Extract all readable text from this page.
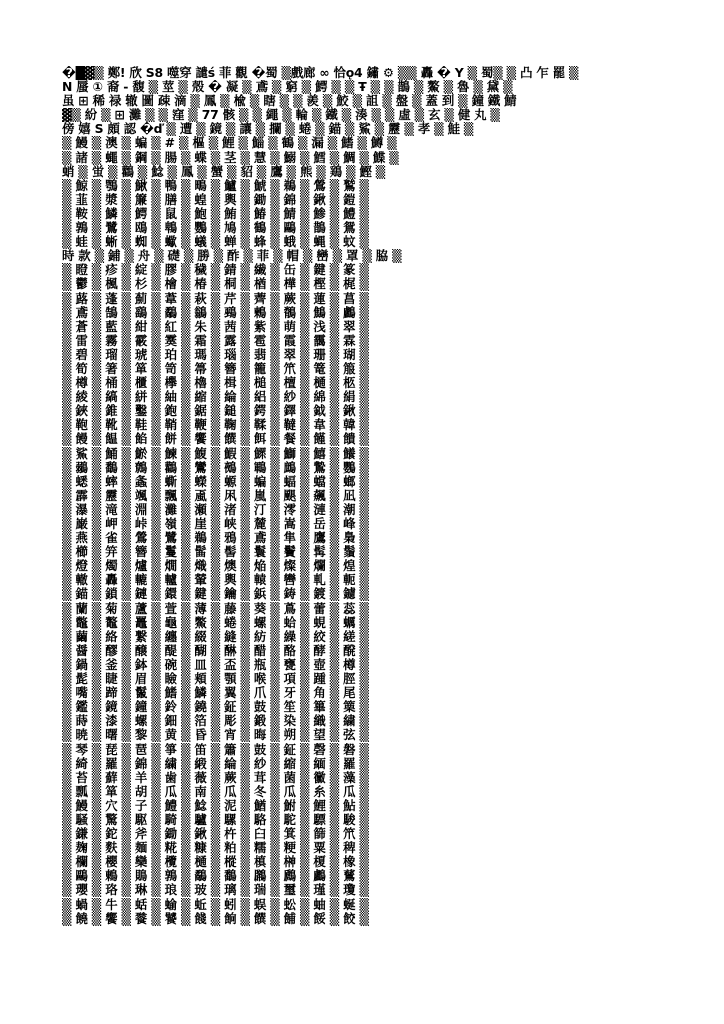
�█▓▒ 鄭! 欣 S8 噬穿 譴ś 菲 觀 �蜀 ▒戲廊 ∞ 恰ǫ4 鏽 ⚙ ▒▒ 轟 � Y ▒ 蜀▒ ▒ 凸 乍 罷 ▒
N 蜃 ① 裔 - 馥 ▒ 莖 ▒ 殼 � 凝 ▒ 鳶 ▒ 窮 ▒ 鰐 ▒ ▒ Ŧ ▒ ▒ 鵲 ▒ 鰲 ▒ 魯 ▒ 黛 ▒
虽 ⊞ 稀 禄 辙 圖 疎 滴 ▒ 鳳 ▒ 楡 ▒ 瞎 ▒ ▒ 羨 ▒ 鮫 ▒ 詛 ▒ 盤 ▒ 蓋 到 ▒ 鐘 鐵 鯖
▓▒ 紛 ▒ ⊞ 灘 ▒ ▒ 窪 ▒ 77 骸 ▒ ▒ 繩 ▒ 輪 ▒ 鐵 ▒ 湊 ▒ ▒ 虛 ▒ 玄 ▒ 健 丸 ▒
傍 嬉 S 頗 認 �ď ▒ 遭 ▒ 鏡 ▒ 讓 ▒ 攔 ▒ 蜷 ▒ 錨 ▒ 鯊 ▒ 靂 ▒ 孝 ▒ 鮭 ▒
▒ 鰻 ▒ 澳 ▒ 蝙 ▒ # ▒ 樞 ▒ 鯉 ▒ 鯔 ▒ 鶴 ▒ 漏 ▒ 鰭 ▒ 鱒 ▒
▒ 諸 ▒ 蠅 ▒ 鋼 ▒ 腸 ▒ 蝶 ▒ 茎 ▒ 慧 ▒ 鰯 ▒ 鱈 ▒ 鯛 ▒ 鰈 ▒
蛸 ▒ 蛍 ▒ 鸛 ▒ 鯰 ▒ 鳳 ▒ 蟹 ▒ 貂 ▒ 鷹 ▒ 熊 ▒ 鶏 ▒ 鰹 ▒
▒ 鯨 ▒ 鶚 ▒ 鰍 ▒ 鴨 ▒ 鴫 ▒ 鱸 ▒ 鯱 ▒ 鵜 ▒ 鶯 ▒ 鷲 ▒
▒ 韮 ▒ 漿 ▒ 簾 ▒ 膳 ▒ 蝗 ▒ 輿 ▒ 鋤 ▒ 錦 ▒ 鍬 ▒ 鎧 ▒
▒ 鞍 ▒ 鱗 ▒ 鰐 ▒ 鼠 ▒ 鮑 ▒ 鮪 ▒ 鰆 ▒ 鯖 ▒ 鯵 ▒ 鱧 ▒
▒ 鶉 ▒ 鷺 ▒ 鴎 ▒ 鵯 ▒ 鸚 ▒ 鳩 ▒ 鶴 ▒ 鷗 ▒ 鵲 ▒ 鴛 ▒
▒ 蛙 ▒ 蜥 ▒ 蜘 ▒ 蠍 ▒ 蟻 ▒ 蝉 ▒ 蜂 ▒ 蛾 ▒ 蝿 ▒ 蚊 ▒
時 款 ▒ 鋪 ▒ 舟 ▒ 礎 ▒ 勝 ▒ 酢 ▒ 菲 ▒ 帽 ▒ 巒 ▒ 罩 ▒ 脇 ▒
▒ 瞪 ▒ 疹 ▒ 綻 ▒ 膠 ▒ 穢 ▒ 錆 ▒ 繊 ▒ 缶 ▒ 鍵 ▒ 篆 ▒
▒ 鬱 ▒ 楓 ▒ 杉 ▒ 檜 ▒ 椿 ▒ 桐 ▒ 楢 ▒ 樺 ▒ 樫 ▒ 梶 ▒
▒ 蕗 ▒ 蓬 ▒ 薊 ▒ 葦 ▒ 萩 ▒ 芹 ▒ 薺 ▒ 蕨 ▒ 蓮 ▒ 菖 ▒
▒ 鳶 ▒ 鵠 ▒ 鷂 ▒ 鷸 ▒ 鶲 ▒ 鵐 ▒ 鶫 ▒ 鶺 ▒ 鷦 ▒ 鸕 ▒
▒ 蒼 ▒ 藍 ▒ 紺 ▒ 紅 ▒ 朱 ▒ 茜 ▒ 紫 ▒ 萌 ▒ 浅 ▒ 翠 ▒
▒ 雷 ▒ 霧 ▒ 霰 ▒ 霙 ▒ 霜 ▒ 露 ▒ 雹 ▒ 霞 ▒ 靄 ▒ 霖 ▒
▒ 碧 ▒ 瑠 ▒ 琥 ▒ 珀 ▒ 瑪 ▒ 瑙 ▒ 翡 ▒ 翠 ▒ 珊 ▒ 瑚 ▒
▒ 筍 ▒ 箸 ▒ 箪 ▒ 笥 ▒ 箒 ▒ 簪 ▒ 籠 ▒ 笊 ▒ 篭 ▒ 箙 ▒
▒ 樽 ▒ 桶 ▒ 櫃 ▒ 欅 ▒ 櫓 ▒ 楫 ▒ 槌 ▒ 檀 ▒ 樋 ▒ 柩 ▒
▒ 綾 ▒ 縞 ▒ 絣 ▒ 紬 ▒ 縮 ▒ 綸 ▒ 絽 ▒ 紗 ▒ 綿 ▒ 絹 ▒
▒ 鋏 ▒ 錐 ▒ 鑿 ▒ 鉋 ▒ 鋸 ▒ 鎚 ▒ 鍔 ▒ 鐸 ▒ 鉞 ▒ 鍬 ▒
▒ 鞄 ▒ 靴 ▒ 鞋 ▒ 鞘 ▒ 鞭 ▒ 鞠 ▒ 鞣 ▒ 韃 ▒ 韋 ▒ 韓 ▒
▒ 饅 ▒ 饂 ▒ 餡 ▒ 餅 ▒ 饗 ▒ 饌 ▒ 餌 ▒ 餐 ▒ 饉 ▒ 饋 ▒
▒ 鯊 ▒ 鯒 ▒ 鯲 ▒ 鰊 ▒ 鰒 ▒ 鰕 ▒ 鰥 ▒ 鰤 ▒ 鱚 ▒ 鱶 ▒
▒ 鶸 ▒ 鷭 ▒ 鷯 ▒ 鸛 ▒ 鸞 ▒ 鵺 ▒ 鶤 ▒ 鷓 ▒ 鷙 ▒ 鸚 ▒
▒ 蟋 ▒ 蟀 ▒ 螽 ▒ 蟖 ▒ 蠑 ▒ 螈 ▒ 蝙 ▒ 蝠 ▒ 蟷 ▒ 螂 ▒
▒ 霹 ▒ 靂 ▒ 颯 ▒ 飄 ▒ 颪 ▒ 凩 ▒ 嵐 ▒ 颶 ▒ 飆 ▒ 凪 ▒
▒ 瀑 ▒ 滝 ▒ 淵 ▒ 灘 ▒ 瀬 ▒ 渚 ▒ 汀 ▒ 澪 ▒ 漣 ▒ 潮 ▒
▒ 巌 ▒ 岬 ▒ 峠 ▒ 嶺 ▒ 崖 ▒ 峡 ▒ 麓 ▒ 嵩 ▒ 岳 ▒ 峰 ▒
▒ 燕 ▒ 雀 ▒ 鶯 ▒ 鷺 ▒ 鵜 ▒ 鴉 ▒ 鳶 ▒ 隼 ▒ 鷹 ▒ 梟 ▒
▒ 櫛 ▒ 笄 ▒ 簪 ▒ 鬘 ▒ 髷 ▒ 髻 ▒ 鬟 ▒ 鬢 ▒ 髯 ▒ 鬚 ▒
▒ 燈 ▒ 燭 ▒ 爐 ▒ 燗 ▒ 熾 ▒ 燠 ▒ 焔 ▒ 燦 ▒ 爛 ▒ 煌 ▒
▒ 轍 ▒ 轟 ▒ 轆 ▒ 轤 ▒ 輦 ▒ 輿 ▒ 轅 ▒ 轡 ▒ 軋 ▒ 軛 ▒
▒ 錨 ▒ 鎖 ▒ 鏈 ▒ 鐶 ▒ 鍵 ▒ 鑰 ▒ 鋲 ▒ 鋳 ▒ 鍍 ▒ 鑢 ▒
▒ 蘭 ▒ 菊 ▒ 蘆 ▒ 萱 ▒ 薄 ▒ 藤 ▒ 葵 ▒ 蔦 ▒ 蕾 ▒ 蕊 ▒
▒ 鼈 ▒ 鼇 ▒ 鼉 ▒ 龜 ▒ 鱉 ▒ 蜷 ▒ 螺 ▒ 蛤 ▒ 蜆 ▒ 蠣 ▒
▒ 繭 ▒ 絡 ▒ 繋 ▒ 纏 ▒ 綴 ▒ 縫 ▒ 紡 ▒ 繰 ▒ 絞 ▒ 縒 ▒
▒ 醤 ▒ 醪 ▒ 醸 ▒ 醍 ▒ 醐 ▒ 醂 ▒ 醋 ▒ 酪 ▒ 酵 ▒ 醗 ▒
▒ 鍋 ▒ 釜 ▒ 鉢 ▒ 碗 ▒ 皿 ▒ 盃 ▒ 瓶 ▒ 甕 ▒ 壺 ▒ 樽 ▒
▒ 髭 ▒ 睫 ▒ 眉 ▒ 瞼 ▒ 頬 ▒ 顎 ▒ 喉 ▒ 項 ▒ 踵 ▒ 脛 ▒
▒ 嘴 ▒ 蹄 ▒ 鬣 ▒ 鰭 ▒ 鱗 ▒ 翼 ▒ 爪 ▒ 牙 ▒ 角 ▒ 尾 ▒
▒ 鑑 ▒ 鏡 ▒ 鐘 ▒ 鈴 ▒ 鐃 ▒ 鉦 ▒ 鼓 ▒ 笙 ▒ 篳 ▒ 篥 ▒
▒ 蒔 ▒ 漆 ▒ 螺 ▒ 鈿 ▒ 箔 ▒ 彫 ▒ 鍛 ▒ 染 ▒ 織 ▒ 繍 ▒
▒ 暁 ▒ 曙 ▒ 黎 ▒ 黄 ▒ 昏 ▒ 宵 ▒ 晦 ▒ 朔 ▒ 望 ▒ 弦 ▒
▒ 琴 ▒ 琵 ▒ 琶 ▒ 箏 ▒ 笛 ▒ 簫 ▒ 鼓 ▒ 鉦 ▒ 磬 ▒ 磐 ▒
▒ 綺 ▒ 羅 ▒ 錦 ▒ 繍 ▒ 緞 ▒ 綸 ▒ 紗 ▒ 縮 ▒ 緬 ▒ 羅 ▒
▒ 苔 ▒ 蘚 ▒ 羊 ▒ 歯 ▒ 薇 ▒ 蕨 ▒ 茸 ▒ 菌 ▒ 黴 ▒ 藻 ▒
▒ 瓢 ▒ 箪 ▒ 胡 ▒ 瓜 ▒ 南 ▒ 瓜 ▒ 冬 ▒ 瓜 ▒ 糸 ▒ 瓜 ▒
▒ 鰻 ▒ 穴 ▒ 子 ▒ 鱧 ▒ 鯰 ▒ 泥 ▒ 鰌 ▒ 鮒 ▒ 鯉 ▒ 鮎 ▒
▒ 騒 ▒ 驚 ▒ 駆 ▒ 騎 ▒ 驢 ▒ 騾 ▒ 駱 ▒ 駝 ▒ 驃 ▒ 駿 ▒
▒ 鎌 ▒ 鉈 ▒ 斧 ▒ 鋤 ▒ 鍬 ▒ 杵 ▒ 臼 ▒ 箕 ▒ 篩 ▒ 笊 ▒
▒ 麹 ▒ 麩 ▒ 麺 ▒ 糀 ▒ 糠 ▒ 粕 ▒ 糯 ▒ 粳 ▒ 粟 ▒ 稗 ▒
▒ 欄 ▒ 櫻 ▒ 欒 ▒ 欖 ▒ 樋 ▒ 樅 ▒ 槙 ▒ 榊 ▒ 榎 ▒ 橡 ▒
▒ 鷗 ▒ 鶇 ▒ 鵙 ▒ 鶉 ▒ 鷸 ▒ 鷭 ▒ 鸊 ▒ 鷉 ▒ 鸕 ▒ 鶿 ▒
▒ 瓔 ▒ 珞 ▒ 琳 ▒ 琅 ▒ 玻 ▒ 璃 ▒ 瑞 ▒ 璽 ▒ 瑾 ▒ 瓊 ▒
▒ 蝸 ▒ 牛 ▒ 蛞 ▒ 蝓 ▒ 蚯 ▒ 蚓 ▒ 蜈 ▒ 蚣 ▒ 蚰 ▒ 蜒 ▒
▒ 饒 ▒ 饗 ▒ 餮 ▒ 饕 ▒ 餞 ▒ 餉 ▒ 饌 ▒ 餔 ▒ 餒 ▒ 餃 ▒
